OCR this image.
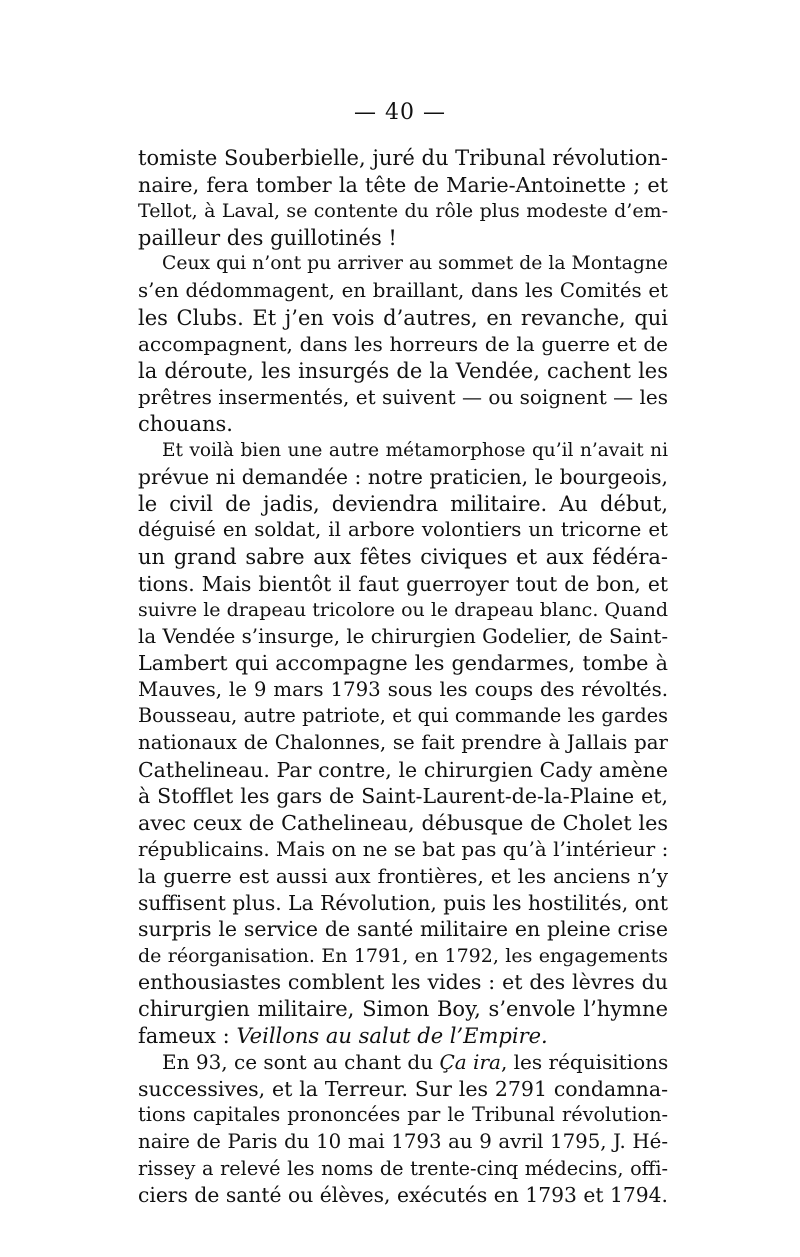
— 40 —
tomiste Souberbielle, juré du Tribunal révolution-
naire, fera tomber la tête de Marie-Antoinette ; et
Tellot, à Laval, se contente du rôle plus modeste d’em-
pailleur des guillotinés !
Ceux qui n’ont pu arriver au sommet de la Montagne
s’en dédommagent, en braillant, dans les Comités et
les Clubs. Et j’en vois d’autres, en revanche, qui
accompagnent, dans les horreurs de la guerre et de
la déroute, les insurgés de la Vendée, cachent les
prêtres insermentés, et suivent — ou soignent — les
chouans.
Et voilà bien une autre métamorphose qu’il n’avait ni
prévue ni demandée : notre praticien, le bourgeois,
le civil de jadis, deviendra militaire. Au début,
déguisé en soldat, il arbore volontiers un tricorne et
un grand sabre aux fêtes civiques et aux fédéra-
tions. Mais bientôt il faut guerroyer tout de bon, et
suivre le drapeau tricolore ou le drapeau blanc. Quand
la Vendée s’insurge, le chirurgien Godelier, de Saint-
Lambert qui accompagne les gendarmes, tombe à
Mauves, le 9 mars 1793 sous les coups des révoltés.
Bousseau, autre patriote, et qui commande les gardes
nationaux de Chalonnes, se fait prendre à Jallais par
Cathelineau. Par contre, le chirurgien Cady amène
à Stofflet les gars de Saint-Laurent-de-la-Plaine et,
avec ceux de Cathelineau, débusque de Cholet les
républicains. Mais on ne se bat pas qu’à l’intérieur :
la guerre est aussi aux frontières, et les anciens n’y
suffisent plus. La Révolution, puis les hostilités, ont
surpris le service de santé militaire en pleine crise
de réorganisation. En 1791, en 1792, les engagements
enthousiastes comblent les vides : et des lèvres du
chirurgien militaire, Simon Boy, s’envole l’hymne
fameux : Veillons au salut de l’Empire.
En 93, ce sont au chant du Ça ira, les réquisitions
successives, et la Terreur. Sur les 2791 condamna-
tions capitales prononcées par le Tribunal révolution-
naire de Paris du 10 mai 1793 au 9 avril 1795, J. Hé-
rissey a relevé les noms de trente-cinq médecins, offi-
ciers de santé ou élèves, exécutés en 1793 et 1794.
